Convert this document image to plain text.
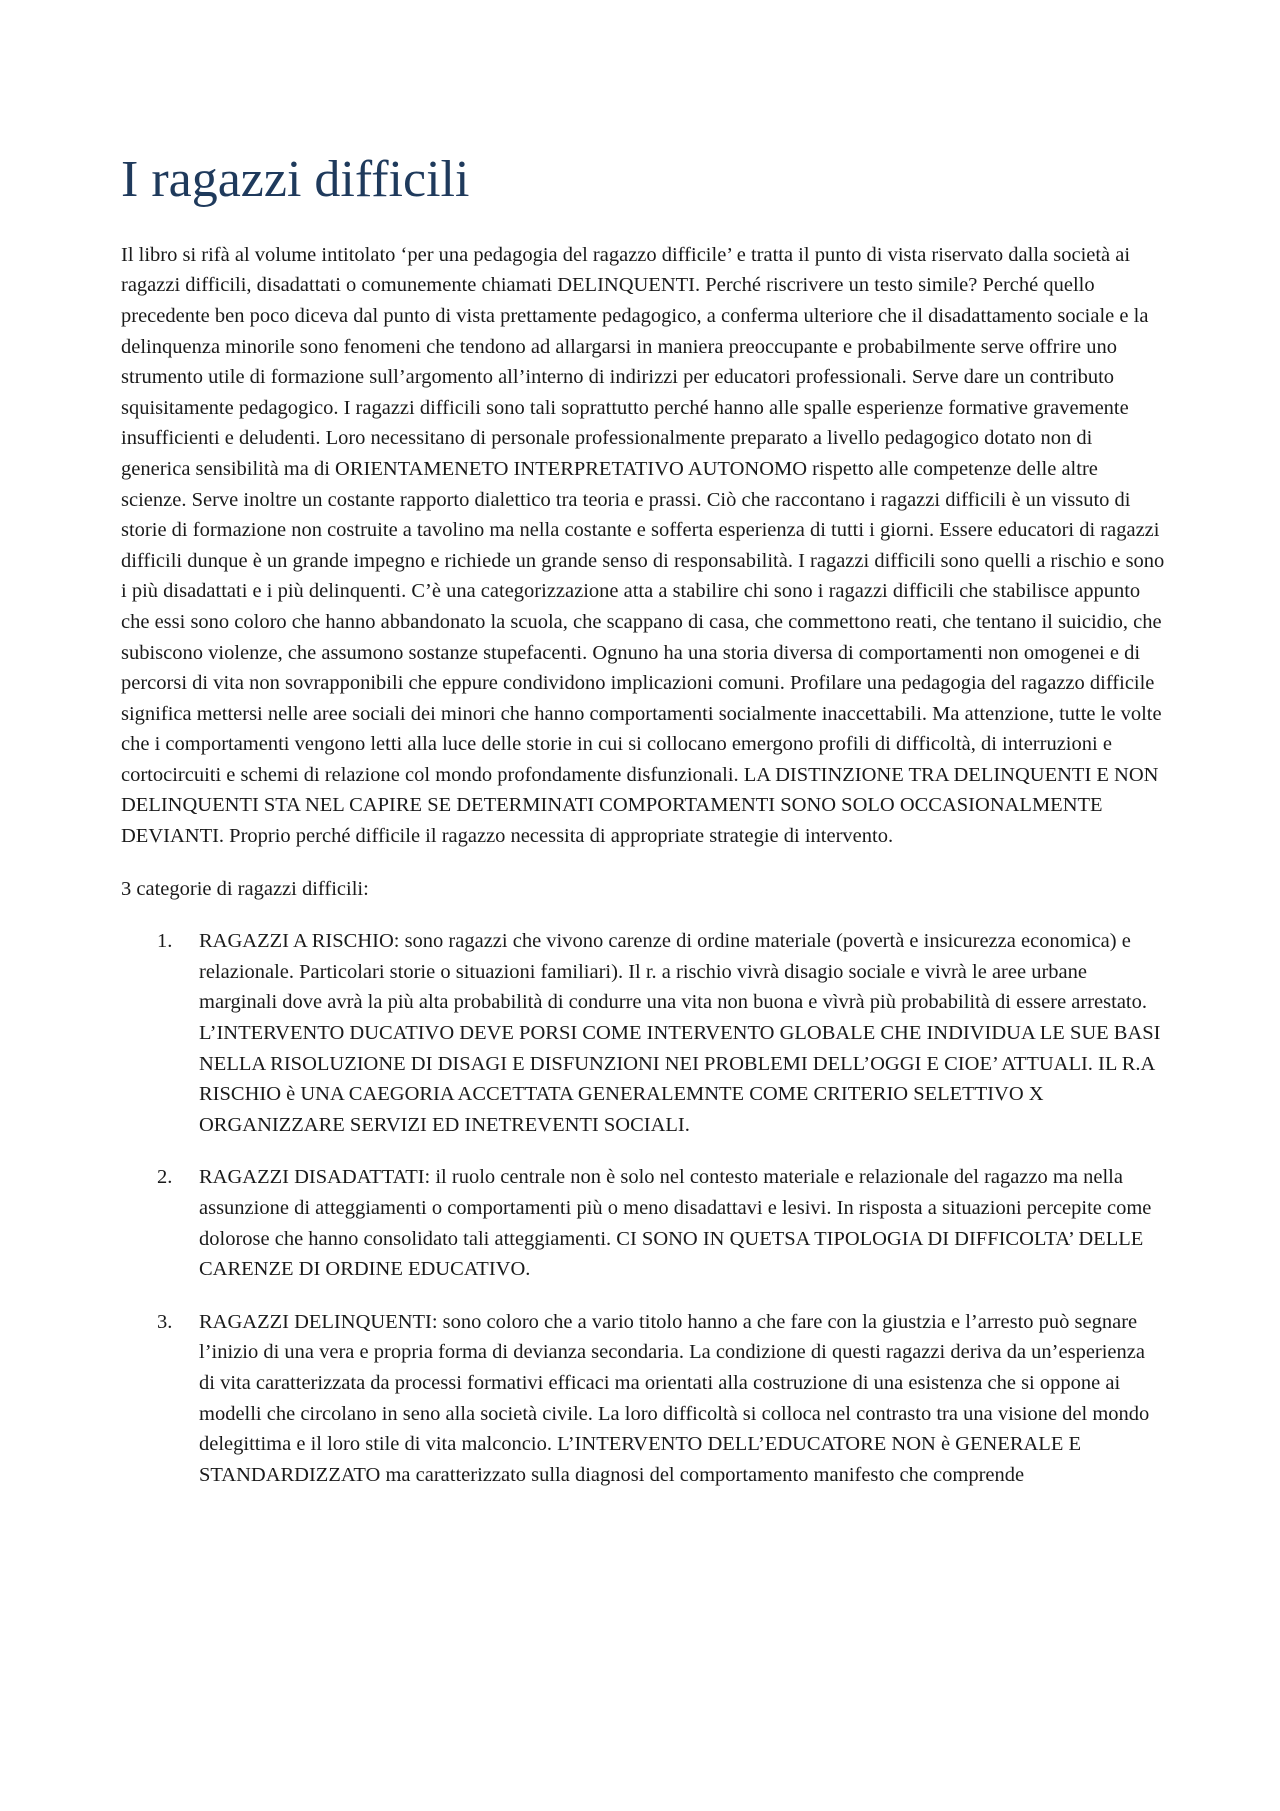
I ragazzi difficili

Il libro si rifà al volume intitolato ‘per una pedagogia del ragazzo difficile’ e tratta il punto di vista riservato dalla società ai ragazzi difficili, disadattati o comunemente chiamati DELINQUENTI. Perché riscrivere un testo simile? Perché quello precedente ben poco diceva dal punto di vista prettamente pedagogico, a conferma ulteriore che il disadattamento sociale e la delinquenza minorile sono fenomeni che tendono ad allargarsi in maniera preoccupante e probabilmente serve offrire uno strumento utile di formazione sull’argomento all’interno di indirizzi per educatori professionali. Serve dare un contributo squisitamente pedagogico. I ragazzi difficili sono tali soprattutto perché hanno alle spalle esperienze formative gravemente insufficienti e deludenti. Loro necessitano di personale professionalmente preparato a livello pedagogico dotato non di generica sensibilità ma di ORIENTAMENETO INTERPRETATIVO AUTONOMO rispetto alle competenze delle altre scienze. Serve inoltre un costante rapporto dialettico tra teoria e prassi. Ciò che raccontano i ragazzi difficili è un vissuto di storie di formazione non costruite a tavolino ma nella costante e sofferta esperienza di tutti i giorni. Essere educatori di ragazzi difficili dunque è un grande impegno e richiede un grande senso di responsabilità. I ragazzi difficili sono quelli a rischio e sono i più disadattati e i più delinquenti. C’è una categorizzazione atta a stabilire chi sono i ragazzi difficili che stabilisce appunto che essi sono coloro che hanno abbandonato la scuola, che scappano di casa, che commettono reati, che tentano il suicidio, che subiscono violenze, che assumono sostanze stupefacenti. Ognuno ha una storia diversa di comportamenti non omogenei e di percorsi di vita non sovrapponibili che eppure condividono implicazioni comuni. Profilare una pedagogia del ragazzo difficile significa mettersi nelle aree sociali dei minori che hanno comportamenti socialmente inaccettabili. Ma attenzione, tutte le volte che i comportamenti vengono letti alla luce delle storie in cui si collocano emergono profili di difficoltà, di interruzioni e cortocircuiti e schemi di relazione col mondo profondamente disfunzionali. LA DISTINZIONE TRA DELINQUENTI E NON DELINQUENTI STA NEL CAPIRE SE DETERMINATI COMPORTAMENTI SONO SOLO OCCASIONALMENTE DEVIANTI. Proprio perché difficile il ragazzo necessita di appropriate strategie di intervento.

3 categorie di ragazzi difficili:

1. RAGAZZI A RISCHIO: sono ragazzi che vivono carenze di ordine materiale (povertà e insicurezza economica) e relazionale. Particolari storie o situazioni familiari). Il r. a rischio vivrà disagio sociale e vivrà le aree urbane marginali dove avrà la più alta probabilità di condurre una vita non buona e vìvrà più probabilità di essere arrestato. L’INTERVENTO DUCATIVO DEVE PORSI COME INTERVENTO GLOBALE CHE INDIVIDUA LE SUE BASI NELLA RISOLUZIONE DI DISAGI E DISFUNZIONI NEI PROBLEMI DELL’OGGI E CIOE’ ATTUALI. IL R.A RISCHIO è UNA CAEGORIA ACCETTATA GENERALEMNTE COME CRITERIO SELETTIVO X ORGANIZZARE SERVIZI ED INETREVENTI SOCIALI.
2. RAGAZZI DISADATTATI: il ruolo centrale non è solo nel contesto materiale e relazionale del ragazzo ma nella assunzione di atteggiamenti o comportamenti più o meno disadattavi e lesivi. In risposta a situazioni percepite come dolorose che hanno consolidato tali atteggiamenti. CI SONO IN QUETSA TIPOLOGIA DI DIFFICOLTA’ DELLE CARENZE DI ORDINE EDUCATIVO.
3. RAGAZZI DELINQUENTI: sono coloro che a vario titolo hanno a che fare con la giustzia e l’arresto può segnare l’inizio di una vera e propria forma di devianza secondaria. La condizione di questi ragazzi deriva da un’esperienza di vita caratterizzata da processi formativi efficaci ma orientati alla costruzione di una esistenza che si oppone ai modelli che circolano in seno alla società civile. La loro difficoltà si colloca nel contrasto tra una visione del mondo delegittima e il loro stile di vita malconcio. L’INTERVENTO DELL’EDUCATORE NON è GENERALE E STANDARDIZZATO ma caratterizzato sulla diagnosi del comportamento manifesto che comprende
